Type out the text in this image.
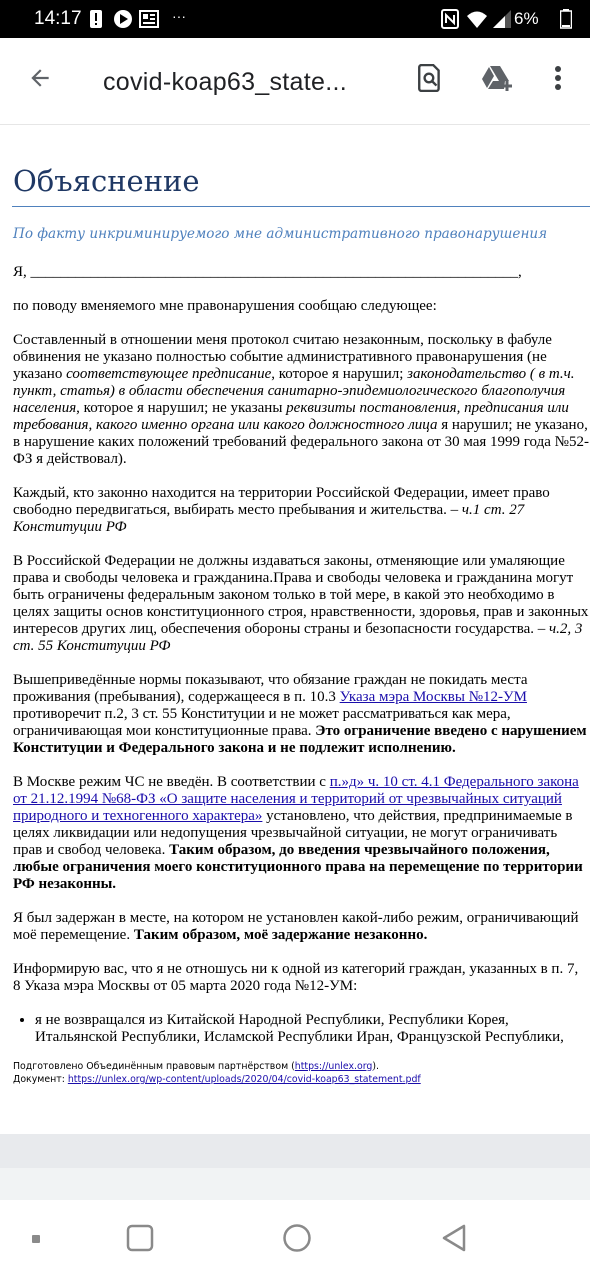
14:17	···	6%
covid-koap63_state...
Объяснение
По факту инкриминируемого мне административного правонарушения

Я, _________________________________________________________________,

по поводу вменяемого мне правонарушения сообщаю следующее:

Составленный в отношении меня протокол считаю незаконным, поскольку в фабуле обвинения не указано полностью событие административного правонарушения (не указано соответствующее предписание, которое я нарушил; законодательство ( в т.ч. пункт, статья) в области обеспечения санитарно-эпидемиологического благополучия населения, которое я нарушил; не указаны реквизиты постановления, предписания или требования, какого именно органа или какого должностного лица я нарушил; не указано, в нарушение каких положений требований федерального закона от 30 мая 1999 года №52-ФЗ я действовал).

Каждый, кто законно находится на территории Российской Федерации, имеет право свободно передвигаться, выбирать место пребывания и жительства. – ч.1 ст. 27 Конституции РФ

В Российской Федерации не должны издаваться законы, отменяющие или умаляющие права и свободы человека и гражданина.Права и свободы человека и гражданина могут быть ограничены федеральным законом только в той мере, в какой это необходимо в целях защиты основ конституционного строя, нравственности, здоровья, прав и законных интересов других лиц, обеспечения обороны страны и безопасности государства. – ч.2, 3 ст. 55 Конституции РФ

Вышеприведённые нормы показывают, что обязание граждан не покидать места проживания (пребывания), содержащееся в п. 10.3 Указа мэра Москвы №12-УМ противоречит п.2, 3 ст. 55 Конституции и не может рассматриваться как мера, ограничивающая мои конституционные права. Это ограничение введено с нарушением Конституции и Федерального закона и не подлежит исполнению.

В Москве режим ЧС не введён. В соответствии с п.»д» ч. 10 ст. 4.1 Федерального закона от 21.12.1994 №68-ФЗ «О защите населения и территорий от чрезвычайных ситуаций природного и техногенного характера» установлено, что действия, предпринимаемые в целях ликвидации или недопущения чрезвычайной ситуации, не могут ограничивать прав и свобод человека. Таким образом, до введения чрезвычайного положения, любые ограничения моего конституционного права на перемещение по территории РФ незаконны.

Я был задержан в месте, на котором не установлен какой-либо режим, ограничивающий моё перемещение. Таким образом, моё задержание незаконно.

Информирую вас, что я не отношусь ни к одной из категорий граждан, указанных в п. 7, 8 Указа мэра Москвы от 05 марта 2020 года №12-УМ:

• я не возвращался из Китайской Народной Республики, Республики Корея, Итальянской Республики, Исламской Республики Иран, Французской Республики,
Подготовлено Объединённым правовым партнёрством (https://unlex.org).
Документ: https://unlex.org/wp-content/uploads/2020/04/covid-koap63_statement.pdf
